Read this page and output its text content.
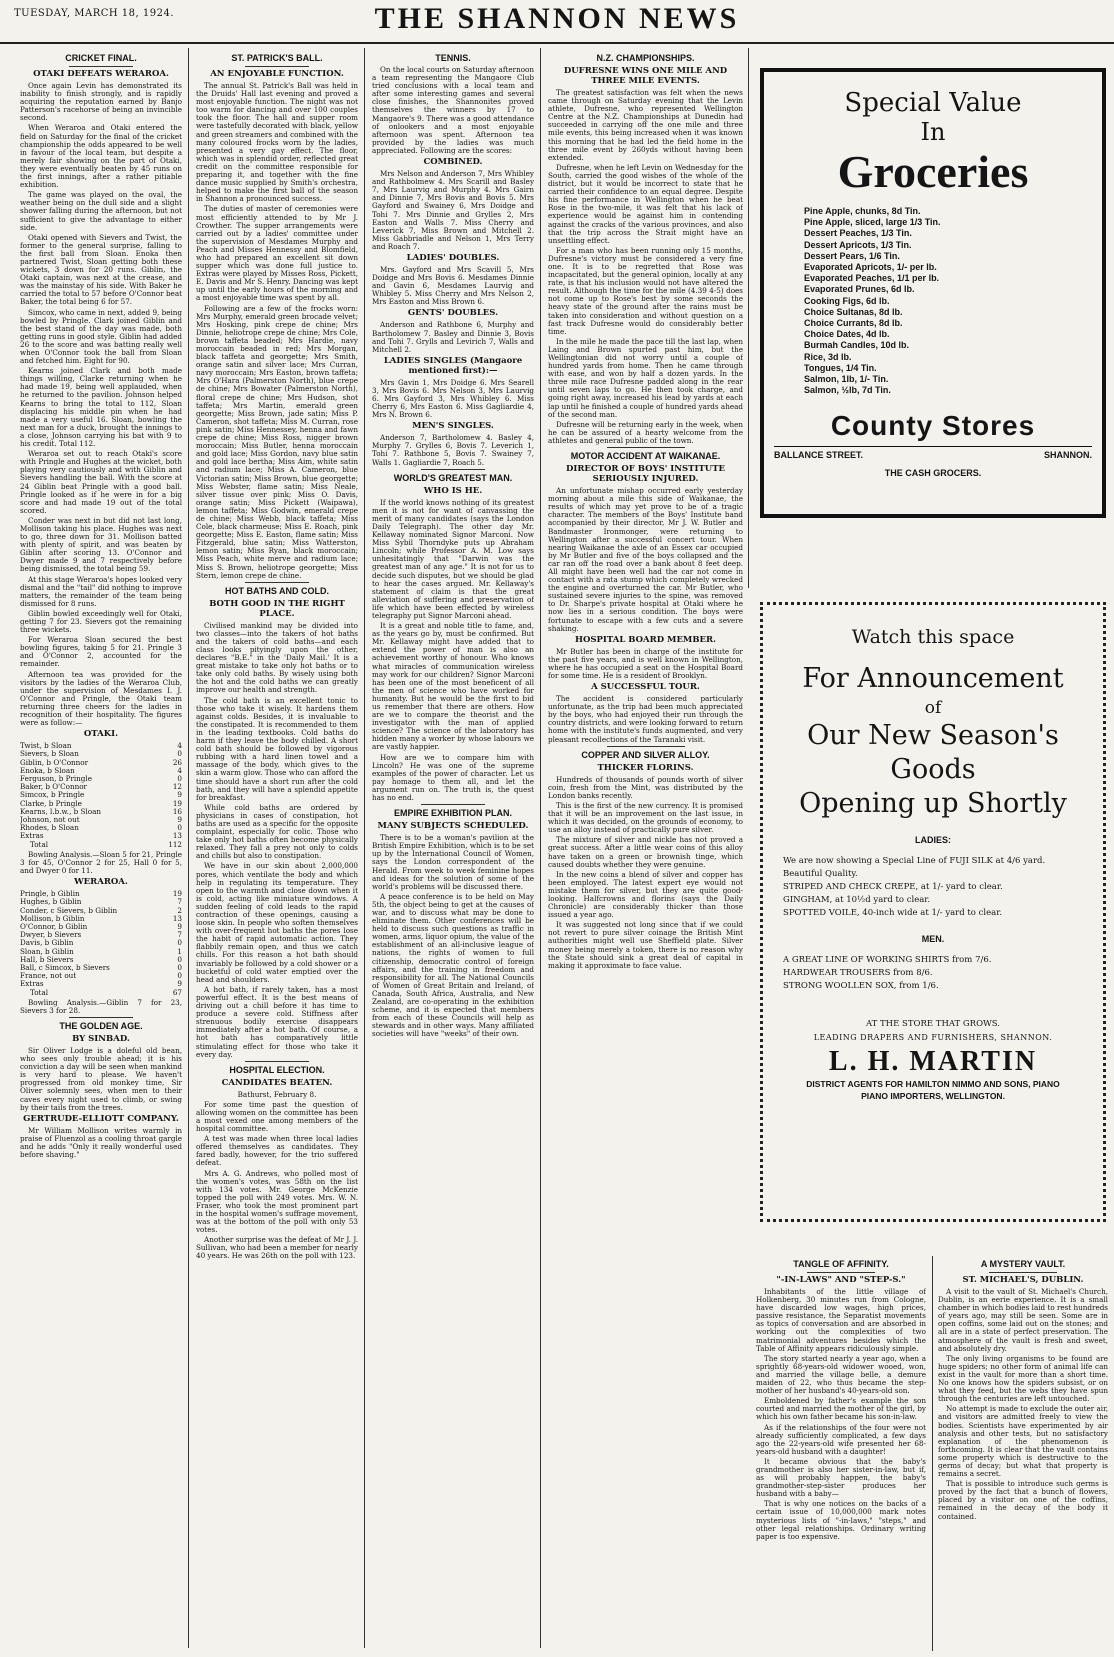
TUESDAY, MARCH 18, 1924.	THE SHANNON NEWS
CRICKET FINAL.
OTAKI DEFEATS WERAROA.

Once again Levin has demonstrated its inability to finish strongly, and is rapidly acquiring the reputation earned by Banjo Patterson's racehorse of being an invincible second.

When Weraroa and Otaki entered the field on Saturday for the final of the cricket championship the odds appeared to be well in favour of the local team, but despite a merely fair showing on the part of Otaki, they were eventually beaten by 45 runs on the first innings, after a rather pitiable exhibition.

The game was played on the oval, the weather being on the dull side and a slight shower falling during the afternoon, but not sufficient to give the advantage to either side.

Otaki opened with Sievers and Twist, the former to the general surprise, falling to the first ball from Sloan. Enoka then partnered Twist, Sloan getting both these wickets, 3 down for 20 runs. Giblin, the Otaki captain, was next at the crease, and was the mainstay of his side. With Baker he carried the total to 57 before O'Connor beat Baker, the total being 6 for 57.

Simcox, who came in next, added 9, being bowled by Pringle. Clark joined Giblin and the best stand of the day was made, both getting runs in good style. Giblin had added 26 to the score and was batting really well when O'Connor took the ball from Sloan and fetched him. Eight for 90.

Kearns joined Clark and both made things willing, Clarke returning when he had made 19, being well applauded, when he returned to the pavilion. Johnson helped Kearns to bring the total to 112, Sloan displacing his middle pin when he had made a very useful 16. Sloan, bowling the next man for a duck, brought the innings to a close, Johnson carrying his bat with 9 to his credit. Total 112.

Weraroa set out to reach Otaki's score with Pringle and Hughes at the wicket, both playing very cautiously and with Giblin and Sievers handling the ball. With the score at 24 Giblin beat Pringle with a good ball. Pringle looked as if he were in for a big score and had made 19 out of the total scored.

Conder was next in but did not last long, Mollison taking his place. Hughes was next to go, three down for 31. Mollison batted with plenty of spirit, and was beaten by Giblin after scoring 13. O'Connor and Dwyer made 9 and 7 respectively before being dismissed, the total being 59.

At this stage Weraroa's hopes looked very dismal and the "tail" did nothing to improve matters, the remainder of the team being dismissed for 8 runs.

Giblin bowled exceedingly well for Otaki, getting 7 for 23. Sievers got the remaining three wickets.

For Weraroa Sloan secured the best bowling figures, taking 5 for 21. Pringle 3 and O'Connor 2, accounted for the remainder.

Afternoon tea was provided for the visitors by the ladies of the Weraroa Club, under the supervision of Mesdames I. J. O'Connor and Pringle, the Otaki team returning three cheers for the ladies in recognition of their hospitality. The figures were as follow:—

OTAKI.
Twist, b Sloan	4
Sievers, b Sloan	0
Giblin, b O'Connor	26
Enoka, b Sloan	4
Ferguson, b Pringle	0
Baker, b O'Connor	12
Simcox, b Pringle	9
Clarke, b Pringle	19
Kearns, l.b.w., b Sloan	16
Johnson, not out	9
Rhodes, b Sloan	0
Extras	13
Total	112

Bowling Analysis.—Sloan 5 for 21, Pringle 3 for 45, O'Connor 2 for 25, Hall 0 for 5, and Dwyer 0 for 11.

WERAROA.
Pringle, b Giblin	19
Hughes, b Giblin	7
Conder, c Sievers, b Giblin	2
Mollison, b Giblin	13
O'Connor, b Giblin	9
Dwyer, b Sievers	7
Davis, b Giblin	0
Sloan, b Giblin	1
Hall, b Sievers	0
Ball, c Simcox, b Sievers	0
France, not out	0
Extras	9
Total	67

Bowling Analysis.—Giblin 7 for 23, Sievers 3 for 28.

THE GOLDEN AGE.
BY SINBAD.

Sir Oliver Lodge is a doleful old bean, who sees only trouble ahead; it is his conviction a day will be seen when mankind is very hard to please. We haven't progressed from old monkey time, Sir Oliver solemnly sees, when men to their caves every night used to climb, or swing by their tails from the trees.

GERTRUDE-ELLIOTT COMPANY.

Mr William Mollison writes warmly in praise of Fluenzol as a cooling throat gargle and he adds "Only it really wonderful used before shaving."

ST. PATRICK'S BALL.
AN ENJOYABLE FUNCTION.

The annual St. Patrick's Ball was held in the Druids' Hall last evening and proved a most enjoyable function. The night was not too warm for dancing and over 100 couples took the floor. The hall and supper room were tastefully decorated with black, yellow and green streamers and combined with the many coloured frocks worn by the ladies, presented a very gay effect. The floor, which was in splendid order, reflected great credit on the committee responsible for preparing it, and together with the fine dance music supplied by Smith's orchestra, helped to make the first ball of the season in Shannon a pronounced success.

The duties of master of ceremonies were most efficiently attended to by Mr J. Crowther. The supper arrangements were carried out by a ladies' committee under the supervision of Mesdames Murphy and Peach and Misses Hennessy and Blomfield, who had prepared an excellent sit down supper which was done full justice to. Extras were played by Misses Ross, Pickett, E. Davis and Mr S. Henry. Dancing was kept up until the early hours of the morning and a most enjoyable time was spent by all.

Following are a few of the frocks worn: Mrs Murphy, emerald green brocade velvet; Mrs Hosking, pink crepe de chine; Mrs Dinnie, heliotrope crepe de chine; Mrs Cole, brown taffeta beaded; Mrs Hardie, navy moroccain beaded in red; Mrs Morgan, black taffeta and georgette; Mrs Smith, orange satin and silver lace; Mrs Curran, navy moroccain; Mrs Easton, brown taffeta; Mrs O'Hara (Palmerston North), blue crepe de chine; Mrs Bowater (Palmerston North), floral crepe de chine; Mrs Hudson, shot taffeta; Mrs Martin, emerald green georgette; Miss Brown, jade satin; Miss P. Cameron, shot taffeta; Miss M. Curran, rose pink satin; Miss Hennessey, henna and fawn crepe de chine; Miss Ross, nigger brown moroccain; Miss Butler, henna moroccain and gold lace; Miss Gordon, navy blue satin and gold lace bertha; Miss Aim, white satin and radium lace; Miss A. Cameron, blue Victorian satin; Miss Brown, blue georgette; Miss Webster, flame satin; Miss Neale, silver tissue over pink; Miss O. Davis, orange satin; Miss Pickett (Waipawa), lemon taffeta; Miss Godwin, emerald crepe de chine; Miss Webb, black taffeta; Miss Cole, black charmeuse; Miss E. Roach, pink georgette; Miss E. Easton, flame satin; Miss Fitzgerald, blue satin; Miss Watterston, lemon satin; Miss Ryan, black moroccain; Miss Peach, white merve and radium lace; Miss S. Brown, heliotrope georgette; Miss Stern, lemon crepe de chine.

HOT BATHS AND COLD.
BOTH GOOD IN THE RIGHT PLACE.

Civilised mankind may be divided into two classes—into the takers of hot baths and the takers of cold baths—and each class looks pityingly upon the other, declares "B.E." in the 'Daily Mail.' It is a great mistake to take only hot baths or to take only cold baths. By wisely using both the hot and the cold baths we can greatly improve our health and strength.

The cold bath is an excellent tonic to those who take it wisely. It hardens them against colds. Besides, it is invaluable to the constipated. It is recommended to them in the leading textbooks. Cold baths do harm if they leave the body chilled. A short cold bath should be followed by vigorous rubbing with a hard linen towel and a massage of the body, which gives to the skin a warm glow. Those who can afford the time should have a short run after the cold bath, and they will have a splendid appetite for breakfast.

While cold baths are ordered by physicians in cases of constipation, hot baths are used as a specific for the opposite complaint, especially for colic. Those who take only hot baths often become physically relaxed. They fall a prey not only to colds and chills but also to constipation.

We have in our skin about 2,000,000 pores, which ventilate the body and which help in regulating its temperature. They open to the warmth and close down when it is cold, acting like miniature windows. A sudden feeling of cold leads to the rapid contraction of these openings, causing a loose skin. In people who soften themselves with over-frequent hot baths the pores lose the habit of rapid automatic action. They flabbily remain open, and thus we catch chills. For this reason a hot bath should invariably be followed by a cold shower or a bucketful of cold water emptied over the head and shoulders.

A hot bath, if rarely taken, has a most powerful effect. It is the best means of driving out a chill before it has time to produce a severe cold. Stiffness after strenuous bodily exercise disappears immediately after a hot bath. Of course, a hot bath has comparatively little stimulating effect for those who take it every day.

HOSPITAL ELECTION.
CANDIDATES BEATEN.

Bathurst, February 8.

For some time past the question of allowing women on the committee has been a most vexed one among members of the hospital committee.

A test was made when three local ladies offered themselves as candidates. They fared badly, however, for the trio suffered defeat.

Mrs A. G. Andrews, who polled most of the women's votes, was 58th on the list with 134 votes. Mr. George McKenzie topped the poll with 249 votes. Mrs. W. N. Fraser, who took the most prominent part in the hospital women's suffrage movement, was at the bottom of the poll with only 53 votes.

Another surprise was the defeat of Mr J. J. Sullivan, who had been a member for nearly 40 years. He was 26th on the poll with 123.

TENNIS.

On the local courts on Saturday afternoon a team representing the Mangaore Club tried conclusions with a local team and after some interesting games and several close finishes, the Shannonites proved themselves the winners by 17 to Mangaore's 9. There was a good attendance of onlookers and a most enjoyable afternoon was spent. Afternoon tea provided by the ladies was much appreciated. Following are the scores:

COMBINED.

Mrs Nelson and Anderson 7, Mrs Whibley and Rathbolmew 4. Mrs Scarill and Basley 7, Mrs Laurvig and Murphy 4. Mrs Gairn and Dinnie 7, Mrs Bovis and Bovis 5. Mrs Gayford and Swainey 6, Mrs Doidge and Tohi 7. Mrs Dinnie and Grylles 2, Mrs Easton and Walls 7. Miss Cherry and Leverick 7, Miss Brown and Mitchell 2. Miss Gabbriadle and Nelson 1, Mrs Terry and Roach 7.

LADIES' DOUBLES.

Mrs. Gayford and Mrs Scavill 5, Mrs Doidge and Mrs Bovis 6. Mesdames Dinnie and Gavin 6, Mesdames Laurvig and Whibley 5. Miss Cherry and Mrs Nelson 2, Mrs Easton and Miss Brown 6.

GENTS' DOUBLES.

Anderson and Rathbone 6, Murphy and Bartholomew 7. Basley and Dinnie 3, Bovis and Tohi 7. Grylls and Levirich 7, Walls and Mitchell 2.

LADIES SINGLES (Mangaore mentioned first):—

Mrs Gavin 1, Mrs Doidge 6. Mrs Searell 3, Mrs Bovis 6. Mrs Nelson 3, Mrs Laurvig 6. Mrs Gayford 3, Mrs Whibley 6. Miss Cherry 6, Mrs Easton 6. Miss Gagliardie 4, Mrs N. Brown 6.

MEN'S SINGLES.

Anderson 7, Bartholomew 4. Basley 4, Murphy 7. Grylles 6, Bovis 7. Leverich 1, Tohi 7. Rathbone 5, Bovis 7. Swainey 7, Walls 1. Gagliardie 7, Roach 5.

WORLD'S GREATEST MAN.
WHO IS HE.

If the world knows nothing of its greatest men it is not for want of canvassing the merit of many candidates (says the London Daily Telegraph). The other day Mr. Kellaway nominated Signor Marconi. Now Miss Sybil Thorndyke puts up Abraham Lincoln; while Professor A. M. Low says unhesitatingly that "Darwin was the greatest man of any age." It is not for us to decide such disputes, but we should be glad to hear the cases argued. Mr. Kellaway's statement of claim is that the great alleviation of suffering and preservation of life which have been effected by wireless telegraphy put Signor Marconi ahead.

It is a great and noble title to fame, and, as the years go by, must be confirmed. But Mr. Kellaway might have added that to extend the power of man is also an achievement worthy of honour. Who knows what miracles of communication wireless may work for our children? Signor Marconi has been one of the most beneficent of all the men of science who have worked for humanity. But he would be the first to bid us remember that there are others. How are we to compare the theorist and the investigator with the man of applied science? The science of the laboratory has hidden many a worker by whose labours we are vastly happier.

How are we to compare him with Lincoln? He was one of the supreme examples of the power of character. Let us pay homage to them all, and let the argument run on. The truth is, the quest has no end.

EMPIRE EXHIBITION PLAN.
MANY SUBJECTS SCHEDULED.

There is to be a woman's pavilion at the British Empire Exhibition, which is to be set up by the International Council of Women, says the London correspondent of the Herald. From week to week feminine hopes and ideas for the solution of some of the world's problems will be discussed there.

A peace conference is to be held on May 5th, the object being to get at the causes of war, and to discuss what may be done to eliminate them. Other conferences will be held to discuss such questions as traffic in women, arms, liquor opium, the value of the establishment of an all-inclusive league of nations, the rights of women to full citizenship, democratic control of foreign affairs, and the training in freedom and responsibility for all. The National Councils of Women of Great Britain and Ireland, of Canada, South Africa, Australia, and New Zealand, are co-operating in the exhibition scheme, and it is expected that members from each of these Councils will help as stewards and in other ways. Many affiliated societies will have "weeks" of their own.

N.Z. CHAMPIONSHIPS.
DUFRESNE WINS ONE MILE AND THREE MILE EVENTS.

The greatest satisfaction was felt when the news came through on Saturday evening that the Levin athlete, Dufresne, who represented Wellington Centre at the N.Z. Championships at Dunedin had succeeded in carrying off the one mile and three mile events, this being increased when it was known this morning that he had led the field home in the three mile event by 260yds without having been extended.

Dufresne, when he left Levin on Wednesday for the South, carried the good wishes of the whole of the district, but it would be incorrect to state that he carried their confidence to an equal degree. Despite his fine performance in Wellington when he beat Rose in the two-mile, it was felt that his lack of experience would be against him in contending against the cracks of the various provinces, and also that the trip across the Strait might have an unsettling effect.

For a man who has been running only 15 months, Dufresne's victory must be considered a very fine one. It is to be regretted that Rose was incapacitated, but the general opinion, locally at any rate, is that his inclusion would not have altered the result. Although the time for the mile (4.39 4-5) does not come up to Rose's best by some seconds the heavy state of the ground after the rains must be taken into consideration and without question on a fast track Dufresne would do considerably better time.

In the mile he made the pace till the last lap, when Laing and Brown spurted past him, but the Wellingtonian did not worry until a couple of hundred yards from home. Then he came through with ease, and won by half a dozen yards. In the three mile race Dufresne padded along in the rear until seven laps to go. He then took charge, and going right away, increased his lead by yards at each lap until he finished a couple of hundred yards ahead of the second man.

Dufresne will be returning early in the week, when he can be assured of a hearty welcome from the athletes and general public of the town.

MOTOR ACCIDENT AT WAIKANAE.
DIRECTOR OF BOYS' INSTITUTE SERIOUSLY INJURED.

An unfortunate mishap occurred early yesterday morning about a mile this side of Waikanae, the results of which may yet prove to be of a tragic character. The members of the Boys' Institute band accompanied by their director, Mr J. W. Butler and Bandmaster Ironmonger, were returning to Wellington after a successful concert tour. When nearing Waikanae the axle of an Essex car occupied by Mr Butler and five of the boys collapsed and the car ran off the road over a bank about 8 feet deep. All might have been well had the car not come in contact with a rata stump which completely wrecked the engine and overturned the car. Mr Butler, who sustained severe injuries to the spine, was removed to Dr. Sharpe's private hospital at Otaki where he now lies in a serious condition. The boys were fortunate to escape with a few cuts and a severe shaking.

HOSPITAL BOARD MEMBER.

Mr Butler has been in charge of the institute for the past five years, and is well known in Wellington, where he has occupied a seat on the Hospital Board for some time. He is a resident of Brooklyn.

A SUCCESSFUL TOUR.

The accident is considered particularly unfortunate, as the trip had been much appreciated by the boys, who had enjoyed their run through the country districts, and were looking forward to return home with the institute's funds augmented, and very pleasant recollections of the Taranaki visit.

COPPER AND SILVER ALLOY.
THICKER FLORINS.

Hundreds of thousands of pounds worth of silver coin, fresh from the Mint, was distributed by the London banks recently.

This is the first of the new currency. It is promised that it will be an improvement on the last issue, in which it was decided, on the grounds of economy, to use an alloy instead of practically pure silver.

The mixture of silver and nickle has not proved a great success. After a little wear coins of this alloy have taken on a green or brownish tinge, which caused doubts whether they were genuine.

In the new coins a blend of silver and copper has been employed. The latest expert eye would not mistake them for silver, but they are quite good-looking. Halfcrowns and florins (says the Daily Chronicle) are considerably thicker than those issued a year ago.

It was suggested not long since that if we could not revert to pure silver coinage the British Mint authorities might well use Sheffield plate. Silver money being merely a token, there is no reason why the State should sink a great deal of capital in making it approximate to face value.

Special Value
In
Groceries
Pine Apple, chunks, 8d Tin.
Pine Apple, sliced, large 1/3 Tin.
Dessert Peaches, 1/3 Tin.
Dessert Apricots, 1/3 Tin.
Dessert Pears, 1/6 Tin.
Evaporated Apricots, 1/- per lb.
Evaporated Peaches, 1/1 per lb.
Evaporated Prunes, 6d lb.
Cooking Figs, 6d lb.
Choice Sultanas, 8d lb.
Choice Currants, 8d lb.
Choice Dates, 4d lb.
Burmah Candles, 10d lb.
Rice, 3d lb.
Tongues, 1/4 Tin.
Salmon, 1lb, 1/- Tin.
Salmon, ½lb, 7d Tin.
County Stores
BALLANCE STREET.	SHANNON.
THE CASH GROCERS.
Watch this space
For Announcement
of
Our New Season's Goods
Opening up Shortly
LADIES:
We are now showing a Special Line of FUJI SILK at 4/6 yard. Beautiful Quality.
STRIPED AND CHECK CREPE, at 1/- yard to clear.
GINGHAM, at 10½d yard to clear.
SPOTTED VOILE, 40-inch wide at 1/- yard to clear.
MEN.
A GREAT LINE OF WORKING SHIRTS from 7/6.
HARDWEAR TROUSERS from 8/6.
STRONG WOOLLEN SOX, from 1/6.
AT THE STORE THAT GROWS.
LEADING DRAPERS AND FURNISHERS, SHANNON.
L. H. MARTIN
DISTRICT AGENTS FOR HAMILTON NIMMO AND SONS, PIANO
PIANO IMPORTERS, WELLINGTON.
TANGLE OF AFFINITY.
"-IN-LAWS" AND "STEP-S."

Inhabitants of the little village of Holkenberg, 30 minutes run from Cologne, have discarded low wages, high prices, passive resistance, the Separatist movements as topics of conversation and are absorbed in working out the complexities of two matrimonial adventures besides which the Table of Affinity appears ridiculously simple.

The story started nearly a year ago, when a sprightly 68-years-old widower wooed, won, and married the village belle, a demure maiden of 22, who thus became the step-mother of her husband's 40-years-old son.

Emboldened by father's example the son courted and married the mother of the girl, by which his own father became his son-in-law.

As if the relationships of the four were not already sufficiently complicated, a few days ago the 22-years-old wife presented her 68-years-old husband with a daughter!

It became obvious that the baby's grandmother is also her sister-in-law, but if, as will probably happen, the baby's grandmother-step-sister produces her husband with a baby—

That is why one notices on the backs of a certain issue of 10,000,000 mark notes mysterious lists of "-in-laws," "steps," and other legal relationships. Ordinary writing paper is too expensive.

A MYSTERY VAULT.
ST. MICHAEL'S, DUBLIN.

A visit to the vault of St. Michael's Church, Dublin, is an eerie experience. It is a small chamber in which bodies laid to rest hundreds of years ago, may still be seen. Some are in open coffins, some laid out on the stones; and all are in a state of perfect preservation. The atmosphere of the vault is fresh and sweet, and absolutely dry.

The only living organisms to be found are huge spiders; no other form of animal life can exist in the vault for more than a short time. No one knows how the spiders subsist, or on what they feed, but the webs they have spun through the centuries are left untouched.

No attempt is made to exclude the outer air, and visitors are admitted freely to view the bodies. Scientists have experimented by air analysis and other tests, but no satisfactory explanation of the phenomenon is forthcoming. It is clear that the vault contains some property which is destructive to the germs of decay; but what that property is remains a secret.

That is possible to introduce such germs is proved by the fact that a bunch of flowers, placed by a visitor on one of the coffins, remained in the decay of the body it contained.
